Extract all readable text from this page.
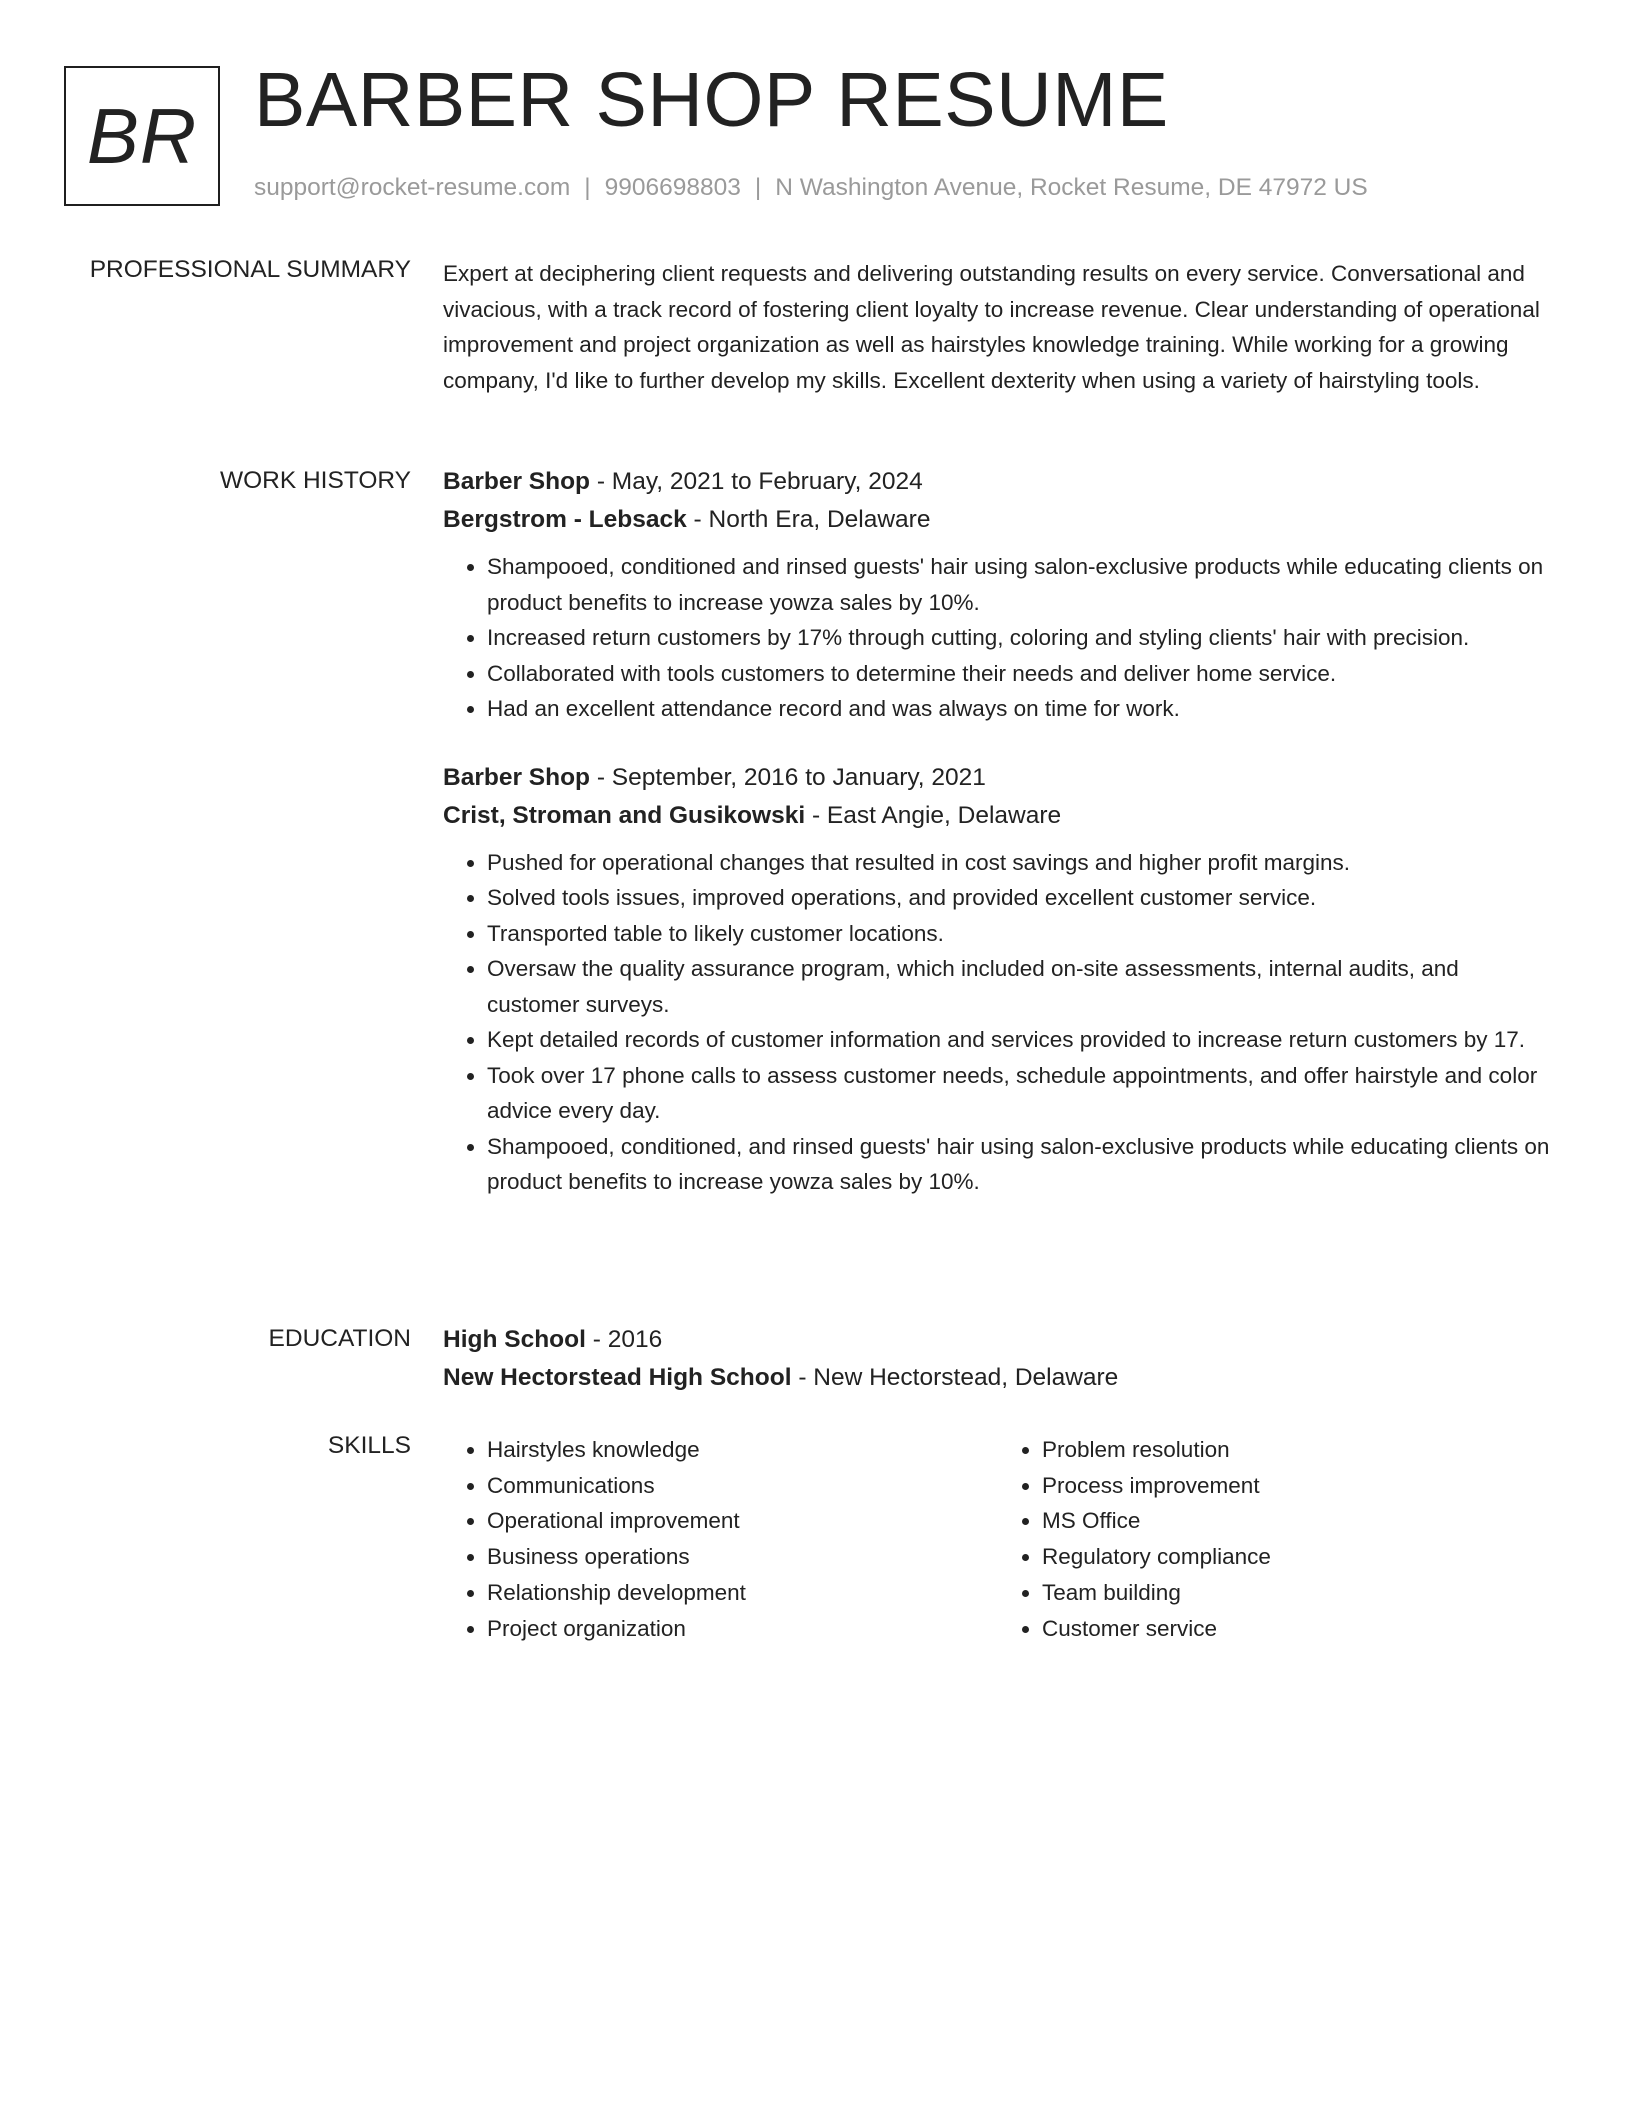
BR BARBER SHOP RESUME
support@rocket-resume.com | 9906698803 | N Washington Avenue, Rocket Resume, DE 47972 US
PROFESSIONAL SUMMARY Expert at deciphering client requests and delivering outstanding results on every service. Conversational and vivacious, with a track record of fostering client loyalty to increase revenue. Clear understanding of operational improvement and project organization as well as hairstyles knowledge training. While working for a growing company, I'd like to further develop my skills. Excellent dexterity when using a variety of hairstyling tools.

WORK HISTORY Barber Shop - May, 2021 to February, 2024

Bergstrom - Lebsack - North Era, Delaware

• Shampooed, conditioned and rinsed guests' hair using salon-exclusive products while educating clients on product benefits to increase yowza sales by 10%.
• Increased return customers by 17% through cutting, coloring and styling clients' hair with precision.
• Collaborated with tools customers to determine their needs and deliver home service.
• Had an excellent attendance record and was always on time for work.

Barber Shop - September, 2016 to January, 2021

Crist, Stroman and Gusikowski - East Angie, Delaware

• Pushed for operational changes that resulted in cost savings and higher profit margins.
• Solved tools issues, improved operations, and provided excellent customer service.
• Transported table to likely customer locations.
• Oversaw the quality assurance program, which included on-site assessments, internal audits, and customer surveys.
• Kept detailed records of customer information and services provided to increase return customers by 17.
• Took over 17 phone calls to assess customer needs, schedule appointments, and offer hairstyle and color advice every day.
• Shampooed, conditioned, and rinsed guests' hair using salon-exclusive products while educating clients on product benefits to increase yowza sales by 10%.
EDUCATION High School - 2016

New Hectorstead High School - New Hectorstead, Delaware

SKILLS
•	Hairstyles knowledge
• Communications
• Operational improvement
• Business operations
• Relationship development
• Project organization
• Problem resolution
• Process improvement
• MS Office
• Regulatory compliance
• Team building
• Customer service
